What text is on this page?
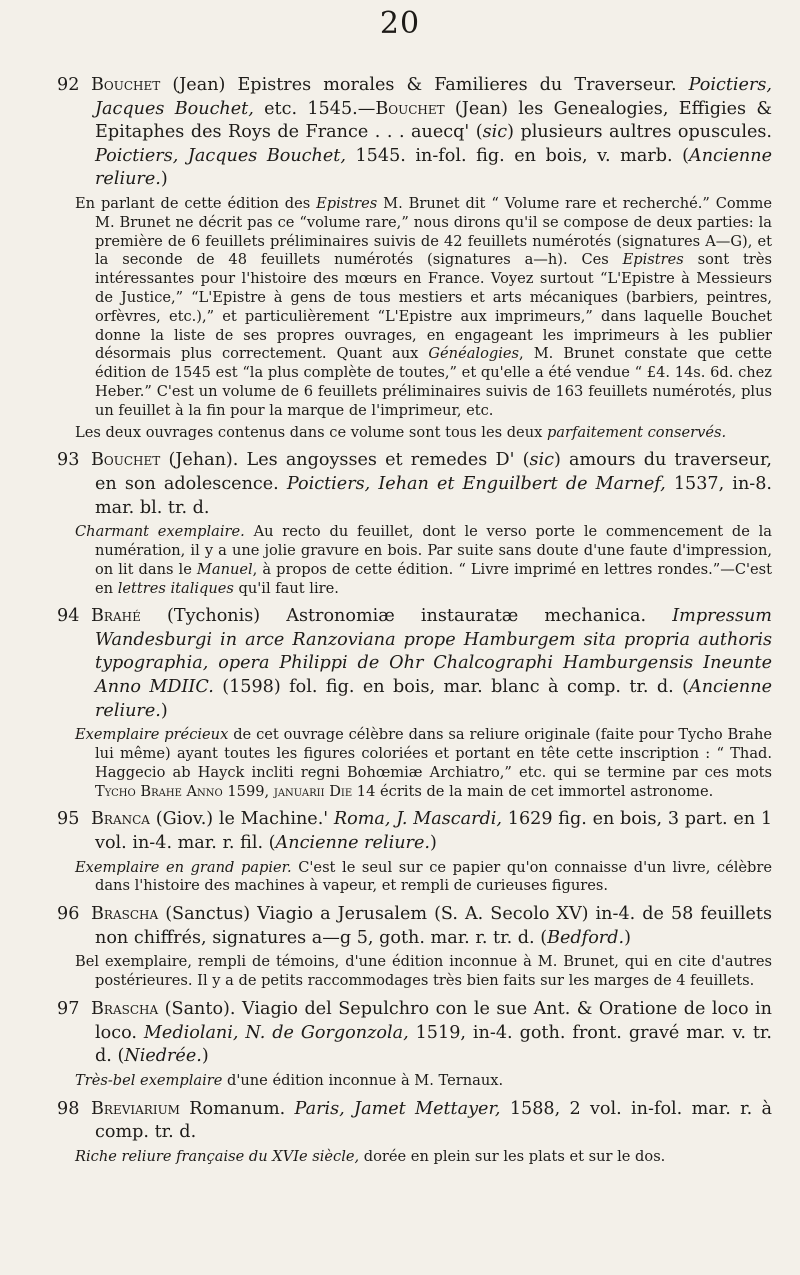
20
92 Bouchet (Jean) Epistres morales & Familieres du Traverseur. Poictiers, Jacques Bouchet, etc. 1545.—Bouchet (Jean) les Genealogies, Effigies & Epitaphes des Roys de France . . . auecq' (sic) plusieurs aultres opuscules. Poictiers, Jacques Bouchet, 1545. in-fol. fig. en bois, v. marb. (Ancienne reliure.)
En parlant de cette édition des Epistres M. Brunet dit “ Volume rare et recherché.” Comme M. Brunet ne décrit pas ce “volume rare,” nous dirons qu'il se compose de deux parties: la première de 6 feuillets préliminaires suivis de 42 feuillets numérotés (signatures A—G), et la seconde de 48 feuillets numérotés (signatures a—h). Ces Epistres sont très intéressantes pour l'histoire des mœurs en France. Voyez surtout “L'Epistre à Messieurs de Justice,” “L'Epistre à gens de tous mestiers et arts mécaniques (barbiers, peintres, orfèvres, etc.),” et particulièrement “L'Epistre aux imprimeurs,” dans laquelle Bouchet donne la liste de ses propres ouvrages, en engageant les imprimeurs à les publier désormais plus correctement. Quant aux Généalogies, M. Brunet constate que cette édition de 1545 est “la plus complète de toutes,” et qu'elle a été vendue “ £4. 14s. 6d. chez Heber.” C'est un volume de 6 feuillets préliminaires suivis de 163 feuillets numérotés, plus un feuillet à la fin pour la marque de l'imprimeur, etc.
Les deux ouvrages contenus dans ce volume sont tous les deux parfaitement conservés.
93 Bouchet (Jehan). Les angoysses et remedes D' (sic) amours du traverseur, en son adolescence. Poictiers, Iehan et Enguilbert de Marnef, 1537, in-8. mar. bl. tr. d.
Charmant exemplaire. Au recto du feuillet, dont le verso porte le commencement de la numération, il y a une jolie gravure en bois. Par suite sans doute d'une faute d'impression, on lit dans le Manuel, à propos de cette édition. “ Livre imprimé en lettres rondes.”—C'est en lettres italiques qu'il faut lire.
94 Brahé (Tychonis) Astronomiæ instauratæ mechanica. Impressum Wandesburgi in arce Ranzoviana prope Hamburgem sita propria authoris typographia, opera Philippi de Ohr Chalcographi Hamburgensis Ineunte Anno MDIIC. (1598) fol. fig. en bois, mar. blanc à comp. tr. d. (Ancienne reliure.)
Exemplaire précieux de cet ouvrage célèbre dans sa reliure originale (faite pour Tycho Brahe lui même) ayant toutes les figures coloriées et portant en tête cette inscription : “ Thad. Haggecio ab Hayck incliti regni Bohœmiæ Archiatro,” etc. qui se termine par ces mots Tycho Brahe Anno 1599, januarii Die 14 écrits de la main de cet immortel astronome.
95 Branca (Giov.) le Machine.' Roma, J. Mascardi, 1629 fig. en bois, 3 part. en 1 vol. in-4. mar. r. fil. (Ancienne reliure.)
Exemplaire en grand papier. C'est le seul sur ce papier qu'on connaisse d'un livre, célèbre dans l'histoire des machines à vapeur, et rempli de curieuses figures.
96 Brascha (Sanctus) Viagio a Jerusalem (S. A. Secolo XV) in-4. de 58 feuillets non chiffrés, signatures a—g 5, goth. mar. r. tr. d. (Bedford.)
Bel exemplaire, rempli de témoins, d'une édition inconnue à M. Brunet, qui en cite d'autres postérieures. Il y a de petits raccommodages très bien faits sur les marges de 4 feuillets.
97 Brascha (Santo). Viagio del Sepulchro con le sue Ant. & Oratione de loco in loco. Mediolani, N. de Gorgonzola, 1519, in-4. goth. front. gravé mar. v. tr. d. (Niedrée.)
Très-bel exemplaire d'une édition inconnue à M. Ternaux.
98 Breviarium Romanum. Paris, Jamet Mettayer, 1588, 2 vol. in-fol. mar. r. à comp. tr. d.
Riche reliure française du XVIe siècle, dorée en plein sur les plats et sur le dos.
